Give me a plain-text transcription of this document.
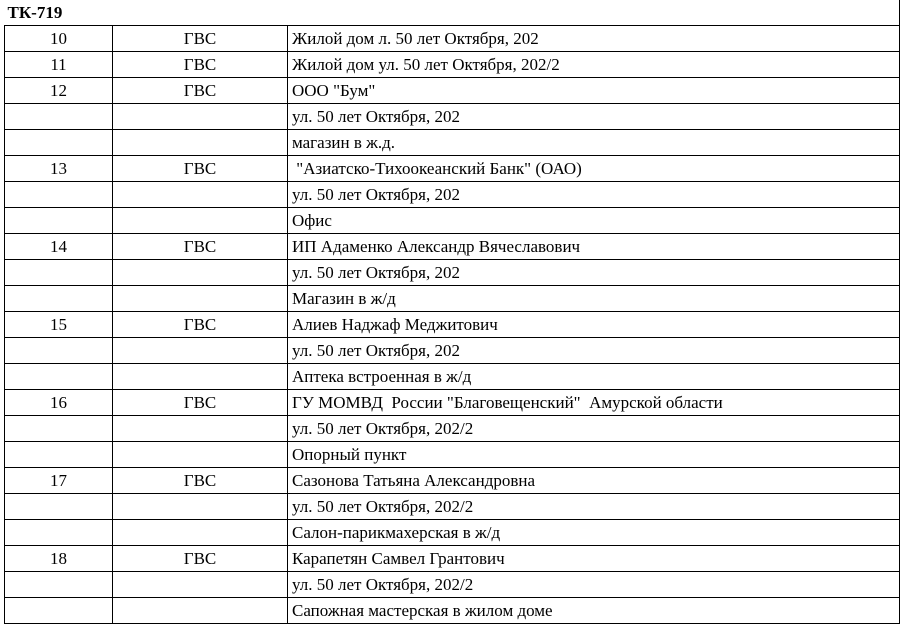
ТК-719		
10	ГВС	Жилой дом л. 50 лет Октября, 202
11	ГВС	Жилой дом ул. 50 лет Октября, 202/2
12	ГВС	ООО "Бум"
		ул. 50 лет Октября, 202
		магазин в ж.д.
13	ГВС	"Азиатско-Тихоокеанский Банк" (ОАО)
		ул. 50 лет Октября, 202
		Офис
14	ГВС	ИП Адаменко Александр Вячеславович
		ул. 50 лет Октября, 202
		Магазин в ж/д
15	ГВС	Алиев Наджаф Меджитович
		ул. 50 лет Октября, 202
		Аптека встроенная в ж/д
16	ГВС	ГУ МОМВД  России "Благовещенский"  Амурской области
		ул. 50 лет Октября, 202/2
		Опорный пункт
17	ГВС	Сазонова Татьяна Александровна
		ул. 50 лет Октября, 202/2
		Салон-парикмахерская в ж/д
18	ГВС	Карапетян Самвел Грантович
		ул. 50 лет Октября, 202/2
		Сапожная мастерская в жилом доме
